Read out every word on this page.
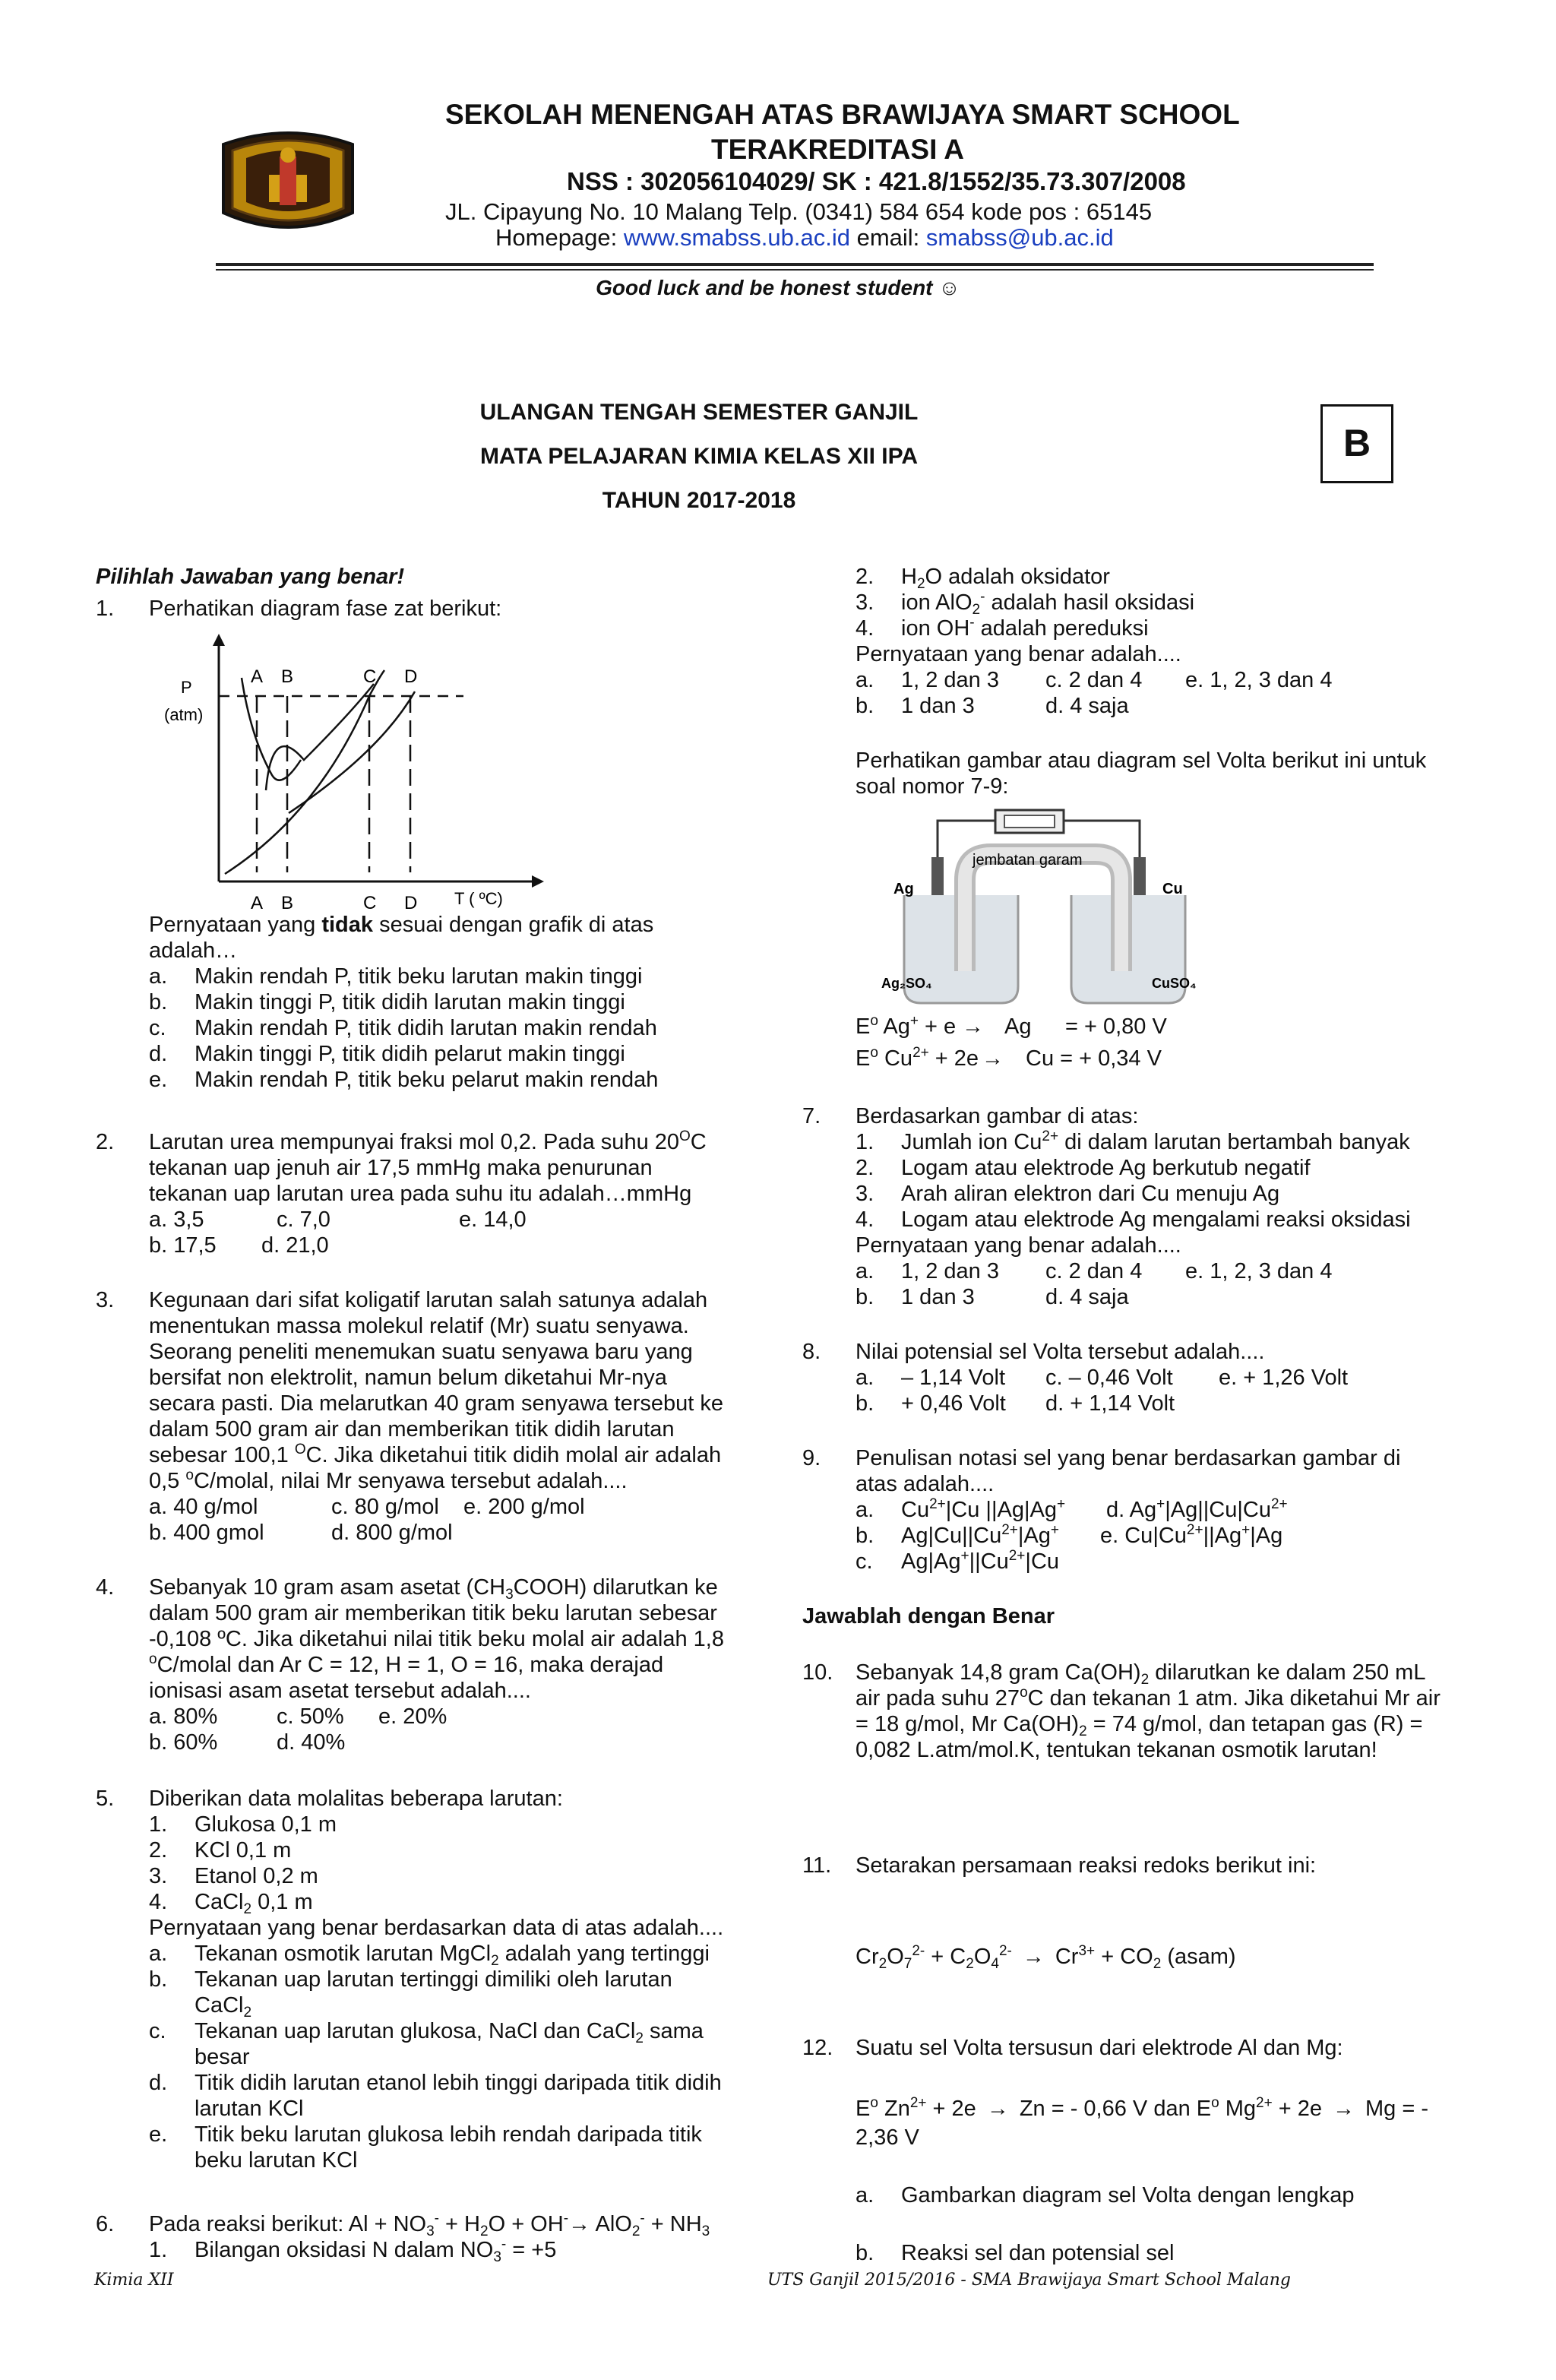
SEKOLAH MENENGAH ATAS BRAWIJAYA SMART SCHOOL
TERAKREDITASI A
NSS : 302056104029/ SK : 421.8/1552/35.73.307/2008
JL. Cipayung No. 10 Malang Telp. (0341) 584 654 kode pos : 65145
Homepage: www.smabss.ub.ac.id email: smabss@ub.ac.id
Good luck and be honest student ☺
ULANGAN TENGAH SEMESTER GANJIL
MATA PELAJARAN KIMIA KELAS XII IPA
TAHUN 2017-2018
B
Pilihlah Jawaban yang benar!
1. Perhatikan diagram fase zat berikut:
P
(atm)
A B	C D
A B	C D T ( ºC)
Pernyataan yang tidak sesuai dengan grafik di atas
adalah…
a. Makin rendah P, titik beku larutan makin tinggi
b. Makin tinggi P, titik didih larutan makin tinggi
c. Makin rendah P, titik didih larutan makin rendah
d. Makin tinggi P, titik didih pelarut makin tinggi
e. Makin rendah P, titik beku pelarut makin rendah
2. Larutan urea mempunyai fraksi mol 0,2. Pada suhu $20^OC$
tekanan uap jenuh air 17,5 mmHg maka penurunan
tekanan uap larutan urea pada suhu itu adalah…mmHg
a. 3,5	c. 7,0	e. 14,0
b. 17,5 d. 21,0
3. Kegunaan dari sifat koligatif larutan salah satunya adalah
menentukan massa molekul relatif (Mr) suatu senyawa.
Seorang peneliti menemukan suatu senyawa baru yang
bersifat non elektrolit, namun belum diketahui Mr-nya
secara pasti. Dia melarutkan 40 gram senyawa tersebut ke
dalam 500 gram air dan memberikan titik didih larutan
sebesar 100,1 $^O$C. Jika diketahui titik didih molal air adalah
0,5 $^o$C/molal, nilai Mr senyawa tersebut adalah....
a. 40 g/mol	c. 80 g/mol e. 200 g/mol
b. 400 gmol	d. 800 g/mol
4. Sebanyak 10 gram asam asetat $(CH_3COOH)$ dilarutkan ke
dalam 500 gram air memberikan titik beku larutan sebesar
-0,108 ºC. Jika diketahui nilai titik beku molal air adalah 1,8
$^o$C/molal dan Ar C = 12, H = 1, O = 16, maka derajad
ionisasi asam asetat tersebut adalah....
a. 80%	c. 50% e. 20%
b. 60%	d. 40%
5. Diberikan data molalitas beberapa larutan:
1. Glukosa 0,1 m
2. KCl 0,1 m
3. Etanol 0,2 m
4. CaCl$_2$ 0,1 m
Pernyataan yang benar berdasarkan data di atas adalah....
a. Tekanan osmotik larutan MgCl$_2$ adalah yang tertinggi
b. Tekanan uap larutan tertinggi dimiliki oleh larutan
CaCl$_2$
c. Tekanan uap larutan glukosa, NaCl dan CaCl$_2$ sama
besar
d. Titik didih larutan etanol lebih tinggi daripada titik didih
larutan KCl
e. Titik beku larutan glukosa lebih rendah daripada titik
beku larutan KCl
6. Pada reaksi berikut: $Al + NO_3^- + H_2O + OH^-\to AlO_2^- + NH_3$
1. Bilangan oksidasi N dalam $NO_3^- = +5$
Kimia XII
2. $H_2O$ adalah oksidator
3. ion AlO$_2$- adalah hasil oksidasi
4. ion OH- adalah pereduksi
Pernyataan yang benar adalah....
a. 1, 2 dan 3 c. 2 dan 4 e. 1, 2, 3 dan 4
b. 1 dan 3	d. 4 saja
Perhatikan gambar atau diagram sel Volta berikut ini untuk
soal nomor 7-9:
jembatan garam
Ag	Cu
Ag₂SO₄	CuSO₄
$E^o$ Ag+ + e → Ag = + 0,80 V
$E^o$ $Cu^{2+} + 2e \to Cu$ = + 0,34 V
7. Berdasarkan gambar di atas:
1. Jumlah ion $Cu^{2+}$ di dalam larutan bertambah banyak
2. Logam atau elektrode Ag berkutub negatif
3. Arah aliran elektron dari Cu menuju Ag
4. Logam atau elektrode Ag mengalami reaksi oksidasi
Pernyataan yang benar adalah....
a. 1, 2 dan 3 c. 2 dan 4 e. 1, 2, 3 dan 4
b. 1 dan 3	d. 4 saja
8. Nilai potensial sel Volta tersebut adalah....
a. – 1,14 Volt c. – 0,46 Volt e. + 1,26 Volt
b. + 0,46 Volt d. + 1,14 Volt
9. Penulisan notasi sel yang benar berdasarkan gambar di
atas adalah....
a. $Cu^{2+}|Cu$ ||Ag|Ag+ d. $Ag^+|Ag||Cu|Cu^{2+}$
b. $Ag|Cu||Cu^{2+}|Ag^+$ e. $Cu|Cu^{2+}||Ag^+|Ag$
c. $Ag|Ag^+||Cu^{2+}|Cu$
Jawablah dengan Benar
10. Sebanyak 14,8 gram $Ca(OH)_2$ dilarutkan ke dalam 250 mL
air pada suhu 27$^o$C dan tekanan 1 atm. Jika diketahui Mr air
= 18 g/mol, Mr $Ca(OH)_2 = 74$ g/mol, dan tetapan gas (R) =
0,082 L.atm/mol.K, tentukan tekanan osmotik larutan!
11. Setarakan persamaan reaksi redoks berikut ini:
$Cr_2O_7^{2-} + C_2O_4^{2-} \to Cr^{3+} + CO_2$ (asam)
12. Suatu sel Volta tersusun dari elektrode Al dan Mg:
$E^o$ $Zn^{2+} + 2e \to Zn$ = - 0,66 V dan $E^o$ $Mg^{2+} + 2e \to Mg$ = -
2,36 V
a. Gambarkan diagram sel Volta dengan lengkap
b. Reaksi sel dan potensial sel
UTS Ganjil 2015/2016 - SMA Brawijaya Smart School Malang
